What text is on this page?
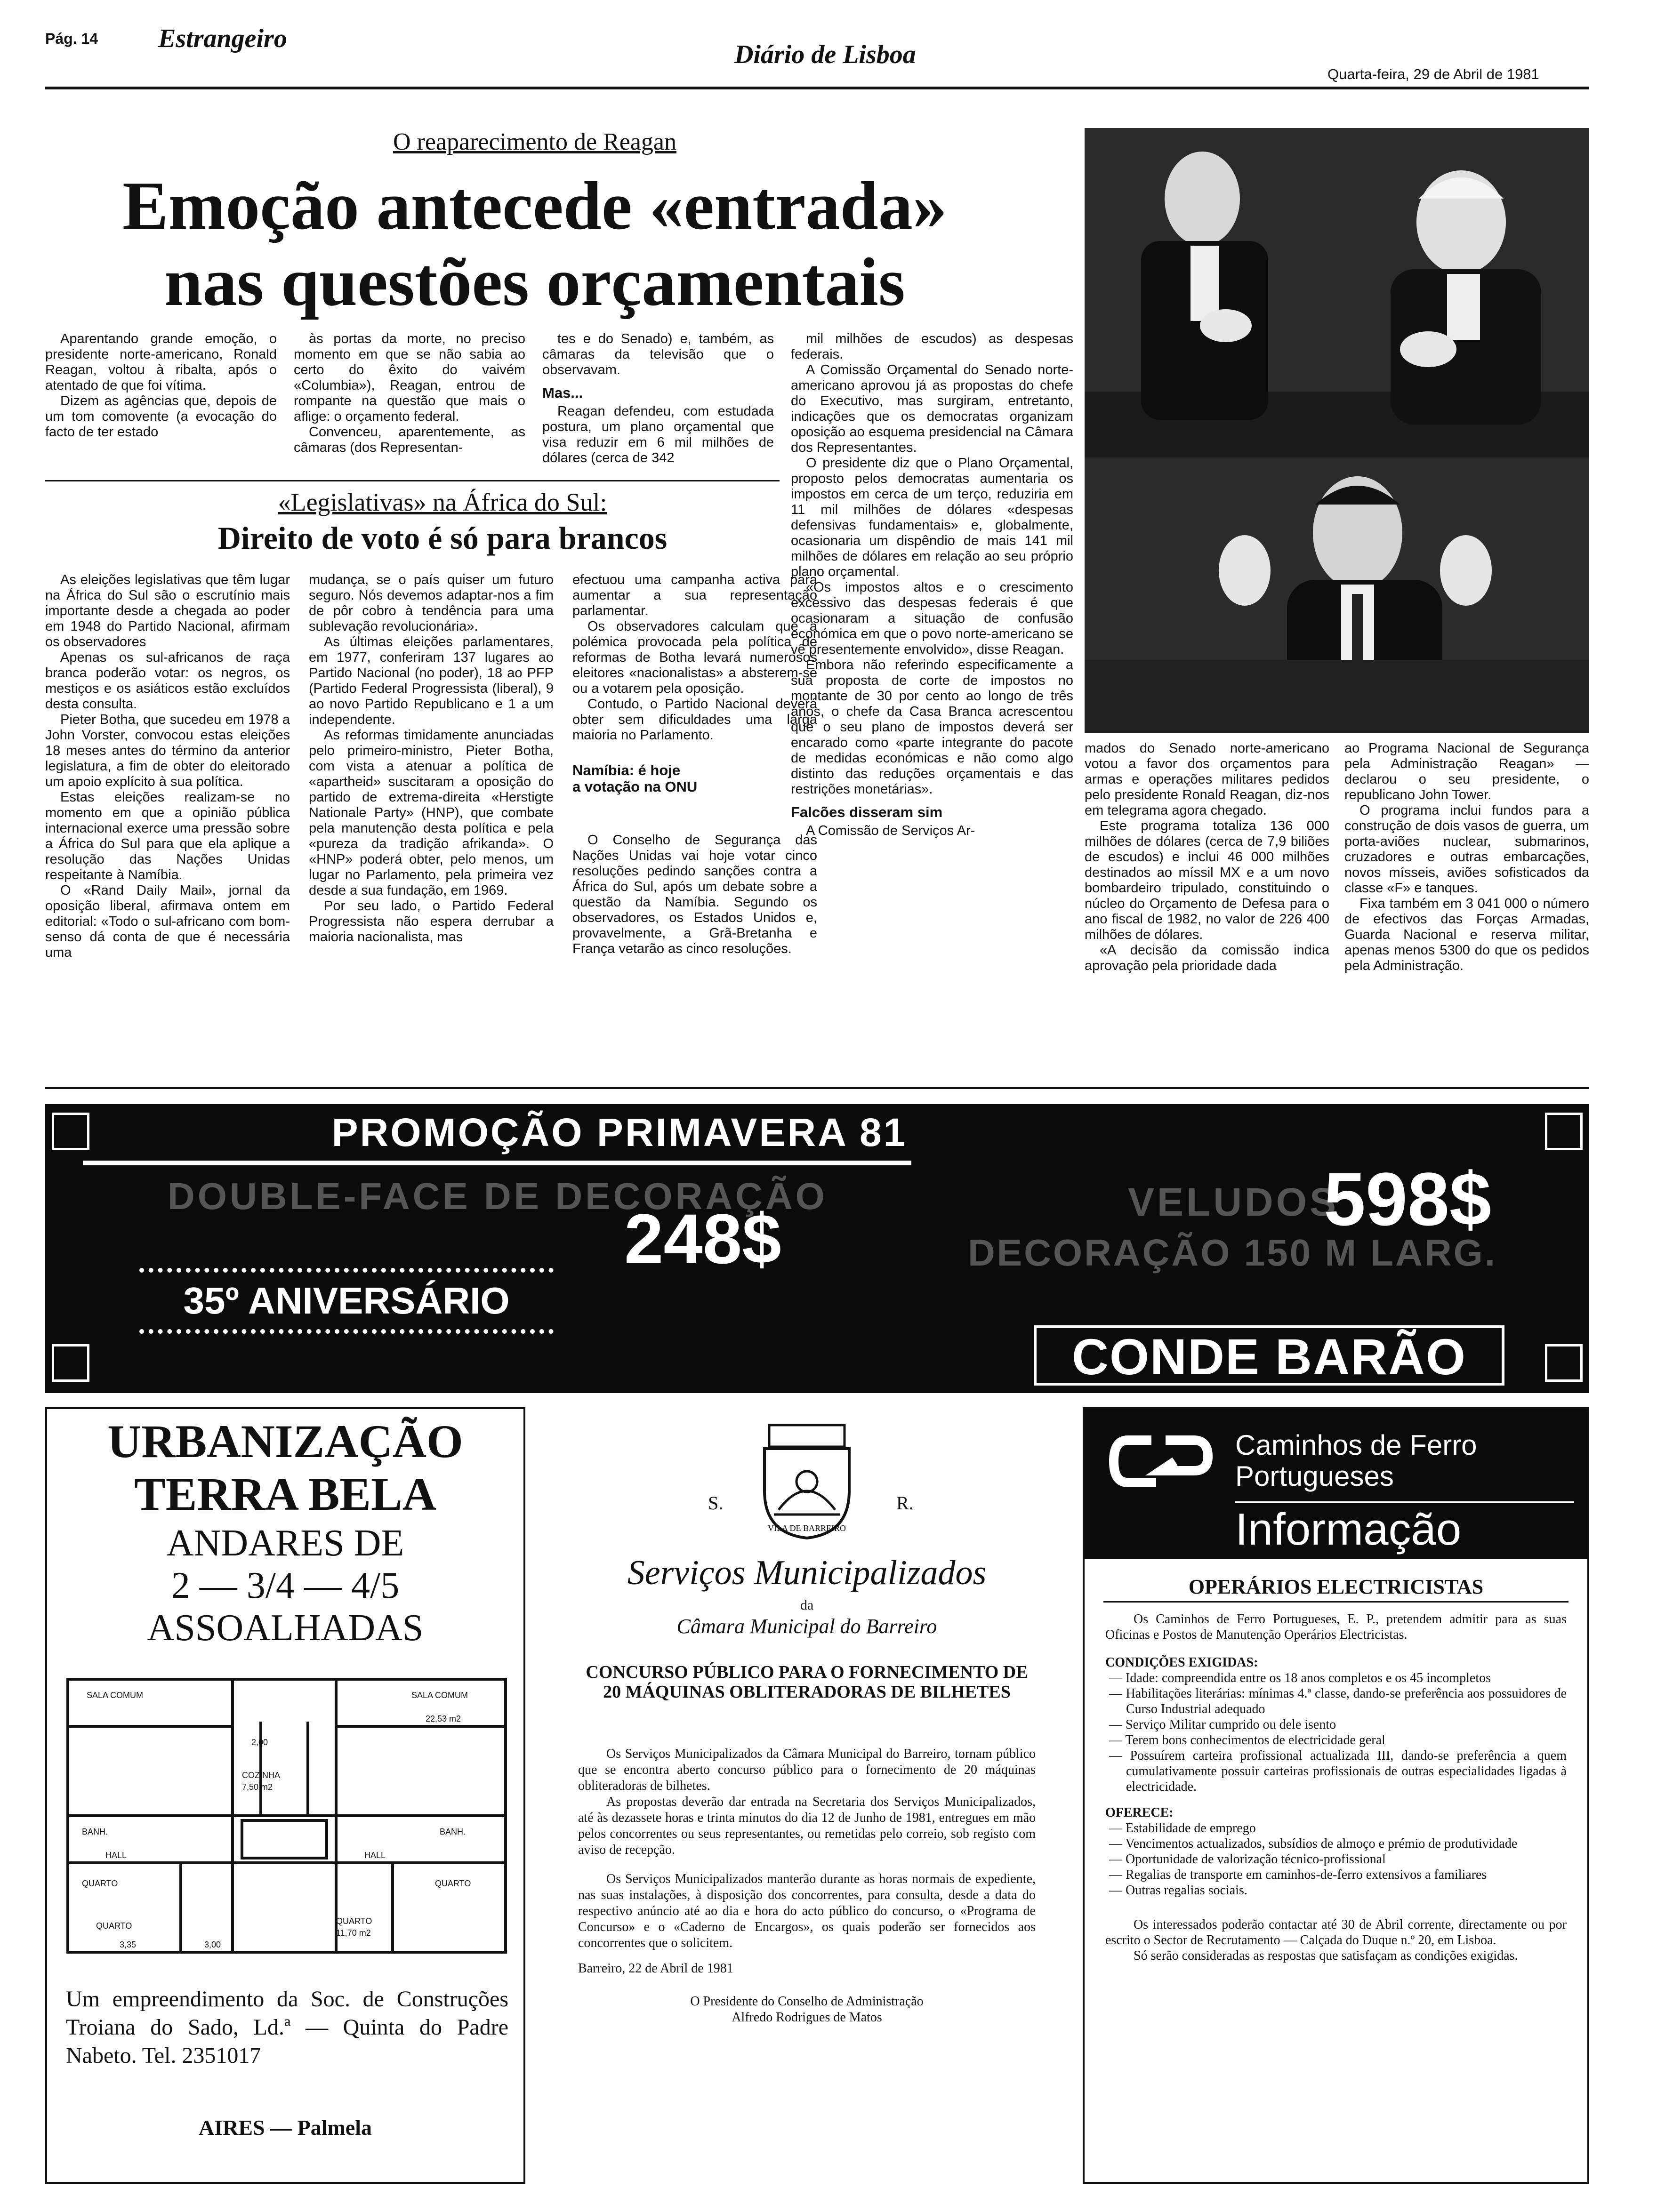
Pág. 14 Estrangeiro
Diário de Lisboa
Quarta-feira, 29 de Abril de 1981
O reaparecimento de Reagan
Emoção antecede «entrada»
nas questões orçamentais

Aparentando grande emoção, o presidente norte-americano, Ronald Reagan, voltou à ribalta, após o atentado de que foi vítima.

Dizem as agências que, depois de um tom comovente (a evocação do facto de ter estado

às portas da morte, no preciso momento em que se não sabia ao certo do êxito do vaivém «Columbia»), Reagan, entrou de rompante na questão que mais o aflige: o orçamento federal.

Convenceu, aparentemente, as câmaras (dos Representan-

tes e do Senado) e, também, as câmaras da televisão que o observavam.

Mas...

Reagan defendeu, com estudada postura, um plano orçamental que visa reduzir em 6 mil milhões de dólares (cerca de 342

mil milhões de escudos) as despesas federais.

A Comissão Orçamental do Senado norte-americano aprovou já as propostas do chefe do Executivo, mas surgiram, entretanto, indicações que os democratas organizam oposição ao esquema presidencial na Câmara dos Representantes.

O presidente diz que o Plano Orçamental, proposto pelos democratas aumentaria os impostos em cerca de um terço, reduziria em 11 mil milhões de dólares «despesas defensivas fundamentais» e, globalmente, ocasionaria um dispêndio de mais 141 mil milhões de dólares em relação ao seu próprio plano orçamental.

«Os impostos altos e o crescimento excessivo das despesas federais é que ocasionaram a situação de confusão económica em que o povo norte-americano se vê presentemente envolvido», disse Reagan.

Embora não referindo especificamente a sua proposta de corte de impostos no montante de 30 por cento ao longo de três anos, o chefe da Casa Branca acrescentou que o seu plano de impostos deverá ser encarado como «parte integrante do pacote de medidas económicas e não como algo distinto das reduções orçamentais e das restrições monetárias».

Falcões disseram sim

A Comissão de Serviços Ar-

mados do Senado norte-americano votou a favor dos orçamentos para armas e operações militares pedidos pelo presidente Ronald Reagan, diz-nos em telegrama agora chegado.

Este programa totaliza 136 000 milhões de dólares (cerca de 7,9 biliões de escudos) e inclui 46 000 milhões destinados ao míssil MX e a um novo bombardeiro tripulado, constituindo o núcleo do Orçamento de Defesa para o ano fiscal de 1982, no valor de 226 400 milhões de dólares.

«A decisão da comissão indica aprovação pela prioridade dada

ao Programa Nacional de Segurança pela Administração Reagan» — declarou o seu presidente, o republicano John Tower.

O programa inclui fundos para a construção de dois vasos de guerra, um porta-aviões nuclear, submarinos, cruzadores e outras embarcações, novos mísseis, aviões sofisticados da classe «F» e tanques.

Fixa também em 3 041 000 o número de efectivos das Forças Armadas, Guarda Nacional e reserva militar, apenas menos 5300 do que os pedidos pela Administração.

«Legislativas» na África do Sul:
Direito de voto é só para brancos

As eleições legislativas que têm lugar na África do Sul são o escrutínio mais importante desde a chegada ao poder em 1948 do Partido Nacional, afirmam os observadores

Apenas os sul-africanos de raça branca poderão votar: os negros, os mestiços e os asiáticos estão excluídos desta consulta.

Pieter Botha, que sucedeu em 1978 a John Vorster, convocou estas eleições 18 meses antes do término da anterior legislatura, a fim de obter do eleitorado um apoio explícito à sua política.

Estas eleições realizam-se no momento em que a opinião pública internacional exerce uma pressão sobre a África do Sul para que ela aplique a resolução das Nações Unidas respeitante à Namíbia.

O «Rand Daily Mail», jornal da oposição liberal, afirmava ontem em editorial: «Todo o sul-africano com bom-senso dá conta de que é necessária uma

mudança, se o país quiser um futuro seguro. Nós devemos adaptar-nos a fim de pôr cobro à tendência para uma sublevação revolucionária».

As últimas eleições parlamentares, em 1977, conferiram 137 lugares ao Partido Nacional (no poder), 18 ao PFP (Partido Federal Progressista (liberal), 9 ao novo Partido Republicano e 1 a um independente.

As reformas timidamente anunciadas pelo primeiro-ministro, Pieter Botha, com vista a atenuar a política de «apartheid» suscitaram a oposição do partido de extrema-direita «Herstigte Nationale Party» (HNP), que combate pela manutenção desta política e pela «pureza da tradição afrikanda». O «HNP» poderá obter, pelo menos, um lugar no Parlamento, pela primeira vez desde a sua fundação, em 1969.

Por seu lado, o Partido Federal Progressista não espera derrubar a maioria nacionalista, mas

efectuou uma campanha activa para aumentar a sua representação parlamentar.

Os observadores calculam que a polémica provocada pela política de reformas de Botha levará numerosos eleitores «nacionalistas» a absterem-se ou a votarem pela oposição.

Contudo, o Partido Nacional deverá obter sem dificuldades uma larga maioria no Parlamento.

Namíbia: é hoje
a votação na ONU

O Conselho de Segurança das Nações Unidas vai hoje votar cinco resoluções pedindo sanções contra a África do Sul, após um debate sobre a questão da Namíbia. Segundo os observadores, os Estados Unidos e, provavelmente, a Grã-Bretanha e França vetarão as cinco resoluções.

PROMOÇÃO PRIMAVERA 81
DOUBLE-FACE DE DECORAÇÃO
248$	VELUDOS
598$
DECORAÇÃO 150 M LARG.
35º ANIVERSÁRIO
CONDE BARÃO
URBANIZAÇÃO
TERRA BELA
ANDARES DE
2 — 3/4 — 4/5
ASSOALHADAS
SALA COMUM	SALA COMUM
COZINHA
7,50 m2
22,53 m2
2,00
BANH.	BANH.
HALL	HALL
QUARTO	QUARTO
QUARTO	QUARTO
11,70 m2
3,00
3,35
Um empreendimento da Soc. de Construções Troiana do Sado, Ld.ª — Quinta do Padre Nabeto. Tel. 2351017
AIRES — Palmela
VILA DE BARREIRO
S.	R.
Serviços Municipalizados
da
Câmara Municipal do Barreiro
CONCURSO PÚBLICO PARA O FORNECIMENTO DE 20 MÁQUINAS OBLITERADORAS DE BILHETES

Os Serviços Municipalizados da Câmara Municipal do Barreiro, tornam público que se encontra aberto concurso público para o fornecimento de 20 máquinas obliteradoras de bilhetes.

As propostas deverão dar entrada na Secretaria dos Serviços Municipalizados, até às dezassete horas e trinta minutos do dia 12 de Junho de 1981, entregues em mão pelos concorrentes ou seus representantes, ou remetidas pelo correio, sob registo com aviso de recepção.

Os Serviços Municipalizados manterão durante as horas normais de expediente, nas suas instalações, à disposição dos concorrentes, para consulta, desde a data do respectivo anúncio até ao dia e hora do acto público do concurso, o «Programa de Concurso» e o «Caderno de Encargos», os quais poderão ser fornecidos aos concorrentes que o solicitem.

Barreiro, 22 de Abril de 1981

O Presidente do Conselho de Administração

Alfredo Rodrigues de Matos

cp	Caminhos de Ferro
Portugueses
Informação
OPERÁRIOS ELECTRICISTAS

Os Caminhos de Ferro Portugueses, E. P., pretendem admitir para as suas Oficinas e Postos de Manutenção Operários Electricistas.

CONDIÇÕES EXIGIDAS:

— Idade: compreendida entre os 18 anos completos e os 45 incompletos
— Habilitações literárias: mínimas 4.ª classe, dando-se preferência aos possuidores de Curso Industrial adequado
— Serviço Militar cumprido ou dele isento
— Terem bons conhecimentos de electricidade geral
— Possuírem carteira profissional actualizada III, dando-se preferência a quem cumulativamente possuir carteiras profissionais de outras especialidades ligadas à electricidade.

OFERECE:

— Estabilidade de emprego
— Vencimentos actualizados, subsídios de almoço e prémio de produtividade
— Oportunidade de valorização técnico-profissional
— Regalias de transporte em caminhos-de-ferro extensivos a familiares
— Outras regalias sociais.

Os interessados poderão contactar até 30 de Abril corrente, directamente ou por escrito o Sector de Recrutamento — Calçada do Duque n.º 20, em Lisboa.

Só serão consideradas as respostas que satisfaçam as condições exigidas.
